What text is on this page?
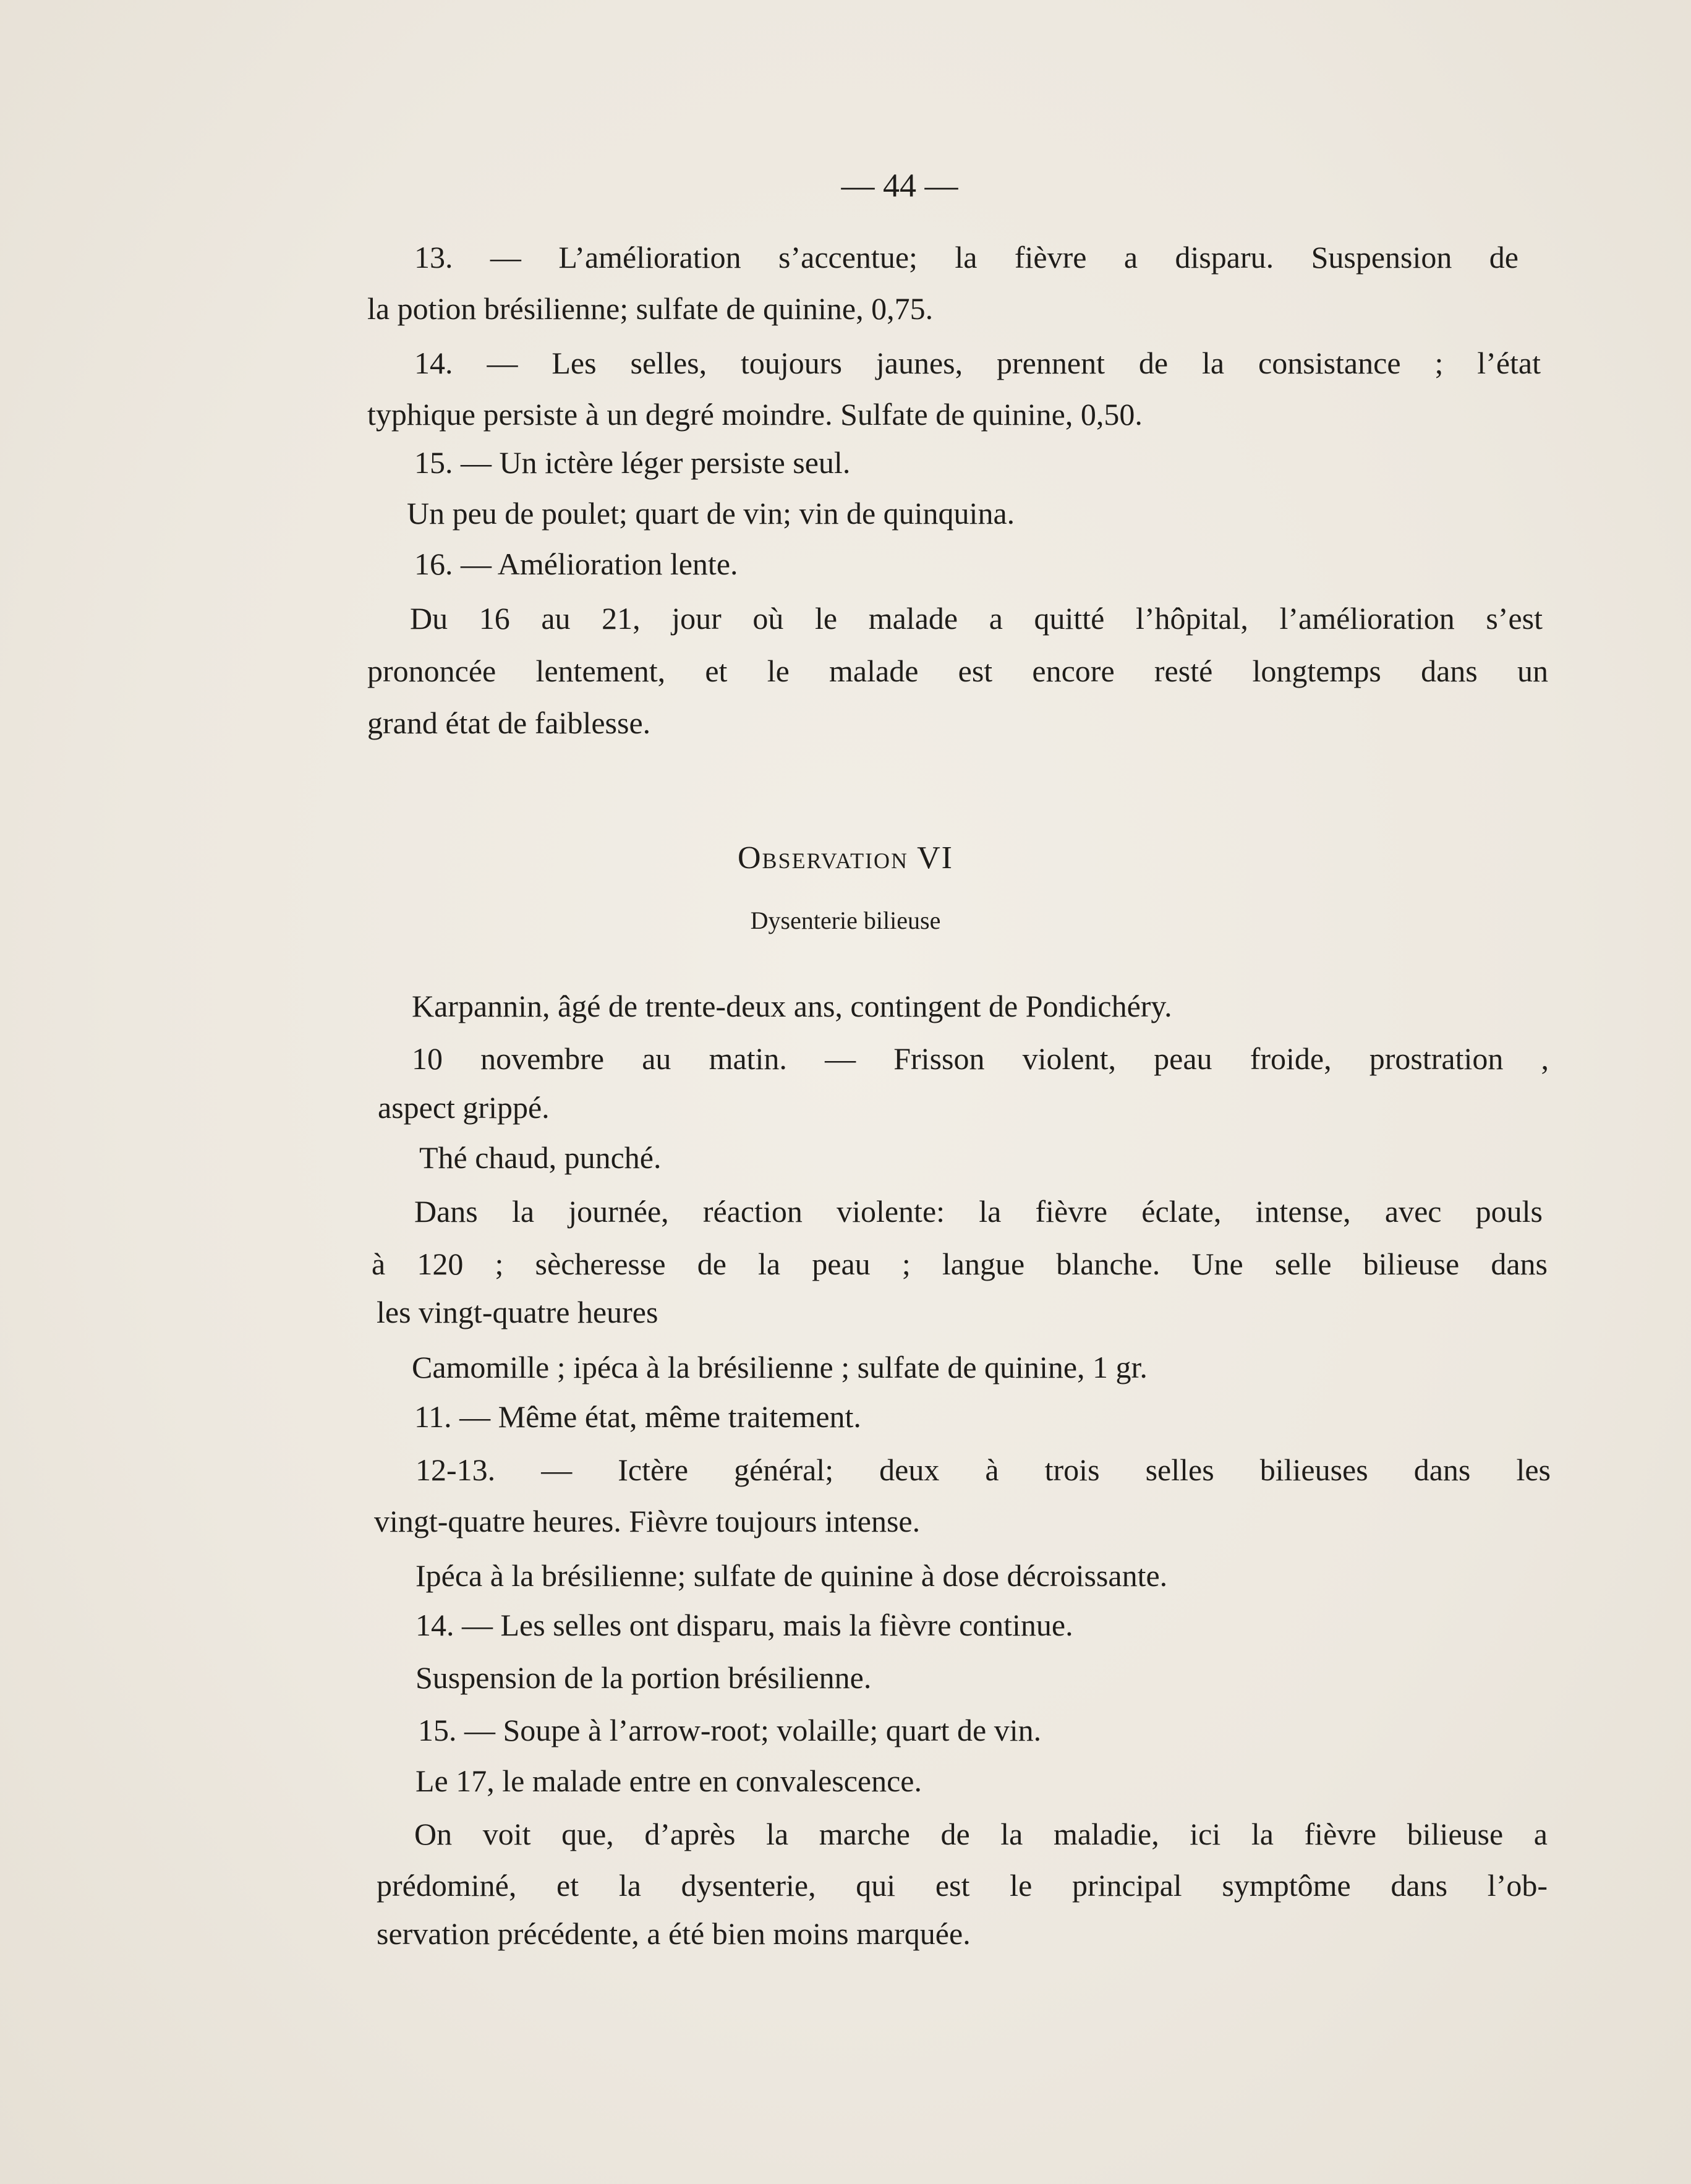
— 44 —
13. — L’amélioration s’accentue; la fièvre a disparu. Suspension de
la potion brésilienne; sulfate de quinine, 0,75.
14. — Les selles, toujours jaunes, prennent de la consistance ; l’état
typhique persiste à un degré moindre. Sulfate de quinine, 0,50.
15. — Un ictère léger persiste seul.
Un peu de poulet; quart de vin; vin de quinquina.
16. — Amélioration lente.
Du 16 au 21, jour où le malade a quitté l’hôpital, l’amélioration s’est
prononcée lentement, et le malade est encore resté longtemps dans un
grand état de faiblesse.
Observation VI
Dysenterie bilieuse
Karpannin, âgé de trente-deux ans, contingent de Pondichéry.
10 novembre au matin. — Frisson violent, peau froide, prostration ,
aspect grippé.
Thé chaud, punché.
Dans la journée, réaction violente: la fièvre éclate, intense, avec pouls
à 120 ; sècheresse de la peau ; langue blanche. Une selle bilieuse dans
les vingt-quatre heures
Camomille ; ipéca à la brésilienne ; sulfate de quinine, 1 gr.
11. — Même état, même traitement.
12-13. — Ictère général; deux à trois selles bilieuses dans les
vingt-quatre heures. Fièvre toujours intense.
Ipéca à la brésilienne; sulfate de quinine à dose décroissante.
14. — Les selles ont disparu, mais la fièvre continue.
Suspension de la portion brésilienne.
15. — Soupe à l’arrow-root; volaille; quart de vin.
Le 17, le malade entre en convalescence.
On voit que, d’après la marche de la maladie, ici la fièvre bilieuse a
prédominé, et la dysenterie, qui est le principal symptôme dans l’ob-
servation précédente, a été bien moins marquée.
